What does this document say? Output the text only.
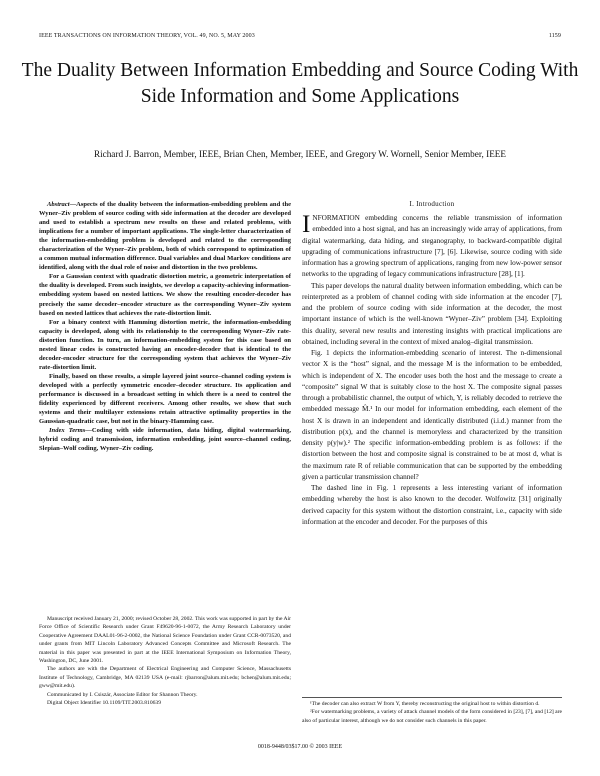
IEEE TRANSACTIONS ON INFORMATION THEORY, VOL. 49, NO. 5, MAY 2003	1159
The Duality Between Information Embedding and Source Coding With Side Information and Some Applications
Richard J. Barron, Member, IEEE, Brian Chen, Member, IEEE, and Gregory W. Wornell, Senior Member, IEEE

Abstract—Aspects of the duality between the information-embedding problem and the Wyner–Ziv problem of source coding with side information at the decoder are developed and used to establish a spectrum new results on these and related problems, with implications for a number of important applications. The single-letter characterization of the information-embedding problem is developed and related to the corresponding characterization of the Wyner–Ziv problem, both of which correspond to optimization of a common mutual information difference. Dual variables and dual Markov conditions are identified, along with the dual role of noise and distortion in the two problems.

For a Gaussian context with quadratic distortion metric, a geometric interpretation of the duality is developed. From such insights, we develop a capacity-achieving information-embedding system based on nested lattices. We show the resulting encoder-decoder has precisely the same decoder–encoder structure as the corresponding Wyner–Ziv system based on nested lattices that achieves the rate-distortion limit.

For a binary context with Hamming distortion metric, the information-embedding capacity is developed, along with its relationship to the corresponding Wyner–Ziv rate-distortion function. In turn, an information-embedding system for this case based on nested linear codes is constructed having an encoder-decoder that is identical to the decoder-encoder structure for the corresponding system that achieves the Wyner–Ziv rate-distortion limit.

Finally, based on these results, a simple layered joint source–channel coding system is developed with a perfectly symmetric encoder–decoder structure. Its application and performance is discussed in a broadcast setting in which there is a need to control the fidelity experienced by different receivers. Among other results, we show that such systems and their multilayer extensions retain attractive optimality properties in the Gaussian-quadratic case, but not in the binary-Hamming case.

Index Terms—Coding with side information, data hiding, digital watermarking, hybrid coding and transmission, information embedding, joint source–channel coding, Slepian–Wolf coding, Wyner–Ziv coding.

Manuscript received January 21, 2000; revised October 28, 2002. This work was supported in part by the Air Force Office of Scientific Research under Grant F49620-96-1-0072, the Army Research Laboratory under Cooperative Agreement DAAL01-96-2-0002, the National Science Foundation under Grant CCR-0073520, and under grants from MIT Lincoln Laboratory Advanced Concepts Committee and Microsoft Research. The material in this paper was presented in part at the IEEE International Symposium on Information Theory, Washington, DC, June 2001.

The authors are with the Department of Electrical Engineering and Computer Science, Massachusetts Institute of Technology, Cambridge, MA 02139 USA (e-mail: rjbarron@alum.mit.edu; bchen@alum.mit.edu; gww@mit.edu).

Communicated by I. Csiszár, Associate Editor for Shannon Theory.

Digital Object Identifier 10.1109/TIT.2003.810639

I. Introduction

INFORMATION embedding concerns the reliable transmission of information embedded into a host signal, and has an increasingly wide array of applications, from digital watermarking, data hiding, and steganography, to backward-compatible digital upgrading of communications infrastructure [7], [6]. Likewise, source coding with side information has a growing spectrum of applications, ranging from new low-power sensor networks to the upgrading of legacy communications infrastructure [28], [1].

This paper develops the natural duality between information embedding, which can be reinterpreted as a problem of channel coding with side information at the encoder [7], and the problem of source coding with side information at the decoder, the most important instance of which is the well-known “Wyner–Ziv” problem [34]. Exploiting this duality, several new results and interesting insights with practical implications are obtained, including several in the context of mixed analog–digital transmission.

Fig. 1 depicts the information-embedding scenario of interest. The n-dimensional vector X is the “host” signal, and the message M is the information to be embedded, which is independent of X. The encoder uses both the host and the message to create a “composite” signal W that is suitably close to the host X. The composite signal passes through a probabilistic channel, the output of which, Y, is reliably decoded to retrieve the embedded message M̂.¹ In our model for information embedding, each element of the host X is drawn in an independent and identically distributed (i.i.d.) manner from the distribution p(x), and the channel is memoryless and characterized by the transition density p(y|w).² The specific information-embedding problem is as follows: if the distortion between the host and composite signal is constrained to be at most d, what is the maximum rate R of reliable communication that can be supported by the embedding given a particular transmission channel?

The dashed line in Fig. 1 represents a less interesting variant of information embedding whereby the host is also known to the decoder. Wolfowitz [31] originally derived capacity for this system without the distortion constraint, i.e., capacity with side information at the encoder and decoder. For the purposes of this

¹The decoder can also extract W from Y, thereby reconstructing the original host to within distortion d.

²For watermarking problems, a variety of attack channel models of the form considered in [23], [7], and [12] are also of particular interest, although we do not consider such channels in this paper.

0018-9448/03$17.00 © 2003 IEEE
